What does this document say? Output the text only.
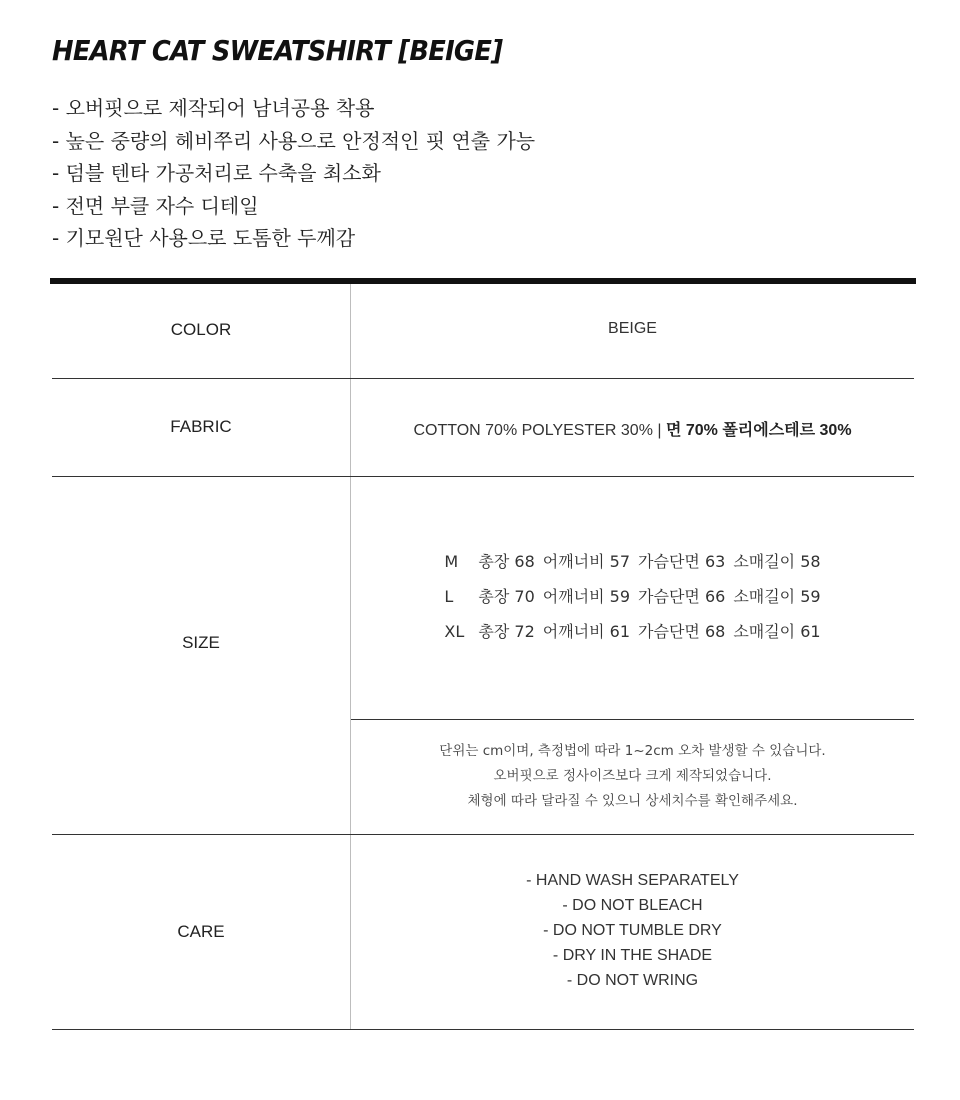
HEART CAT SWEATSHIRT [BEIGE]
- 오버핏으로 제작되어 남녀공용 착용
- 높은 중량의 헤비쭈리 사용으로 안정적인 핏 연출 가능
- 덤블 텐타 가공처리로 수축을 최소화
- 전면 부클 자수 디테일
- 기모원단 사용으로 도톰한 두께감
COLOR	BEIGE
FABRIC	COTTON 70% POLYESTER 30% | 면 70% 폴리에스테르 30%
SIZE
M 총장 68 어깨너비 57 가슴단면 63 소매길이 58
L 총장 70 어깨너비 59 가슴단면 66 소매길이 59
XL 총장 72 어깨너비 61 가슴단면 68 소매길이 61
단위는 cm이며, 측정법에 따라 1~2cm 오차 발생할 수 있습니다.
오버핏으로 정사이즈보다 크게 제작되었습니다.
체형에 따라 달라질 수 있으니 상세치수를 확인해주세요.
CARE
- HAND WASH SEPARATELY
- DO NOT BLEACH
- DO NOT TUMBLE DRY
- DRY IN THE SHADE
- DO NOT WRING
